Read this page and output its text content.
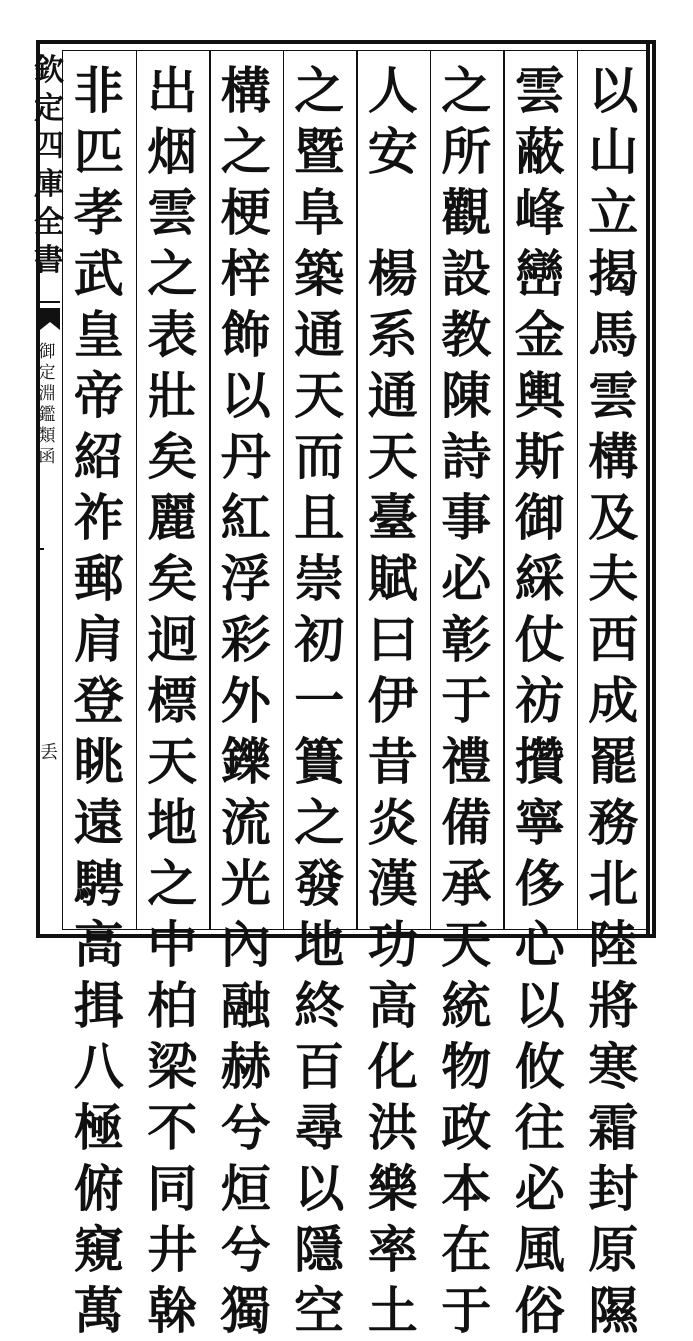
欽
定
四
庫
全
書
御
定
淵
鑑
類
函
丢
以
山
立
揭
馬
雲
構
及
夫
西
成
罷
務
北
陸
將
寒
霜
封
原
隰
雲
蔽
峰
巒
金
輿
斯
御
綵
仗
祊
攢
寧
侈
心
以
攸
往
必
風
俗
之
所
觀
設
教
陳
詩
事
必
彰
于
禮
備
承
天
統
物
政
本
在
于
人
安
楊
系
通
天
臺
賦
曰
伊
昔
炎
漢
功
高
化
洪
樂
率
土
之
暨
阜
築
通
天
而
且
崇
初
一
簣
之
發
地
終
百
尋
以
隱
空
構
之
梗
梓
飾
以
丹
紅
浮
彩
外
鑠
流
光
內
融
赫
兮
烜
兮
獨
出
烟
雲
之
表
壯
矣
麗
矣
迥
標
天
地
之
中
柏
梁
不
同
井
榦
非
匹
孝
武
皇
帝
紹
祚
郵
肩
登
眺
遠
騁
高
揖
八
極
俯
窺
萬
